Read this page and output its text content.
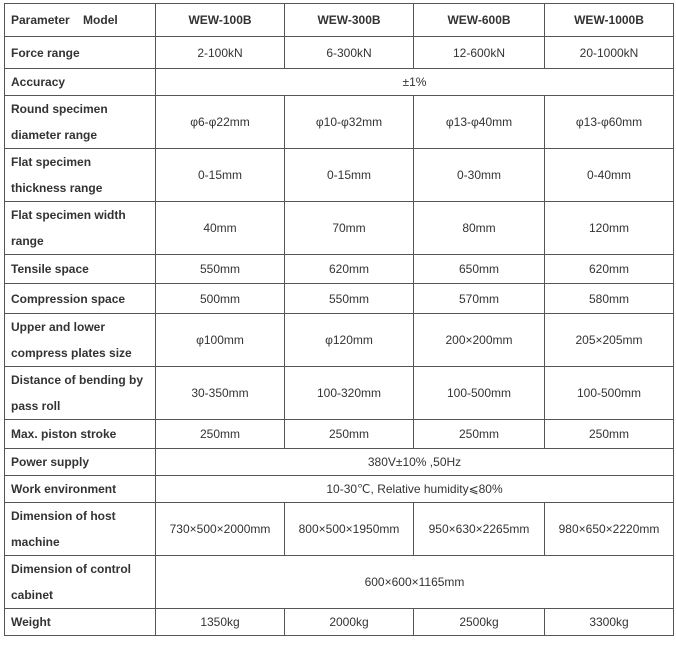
Parameter    Model	WEW-100B	WEW-300B	WEW-600B	WEW-1000B
Force range	2-100kN	6-300kN	12-600kN	20-1000kN
Accuracy	±1%			
Round specimen diameter range	φ6-φ22mm	φ10-φ32mm	φ13-φ40mm	φ13-φ60mm
Flat specimen thickness range	0-15mm	0-15mm	0-30mm	0-40mm
Flat specimen width range	40mm	70mm	80mm	120mm
Tensile space	550mm	620mm	650mm	620mm
Compression space	500mm	550mm	570mm	580mm
Upper and lower compress plates size	φ100mm	φ120mm	200×200mm	205×205mm
Distance of bending by pass roll	30-350mm	100-320mm	100-500mm	100-500mm
Max. piston stroke	250mm	250mm	250mm	250mm
Power supply	380V±10% ,50Hz			
Work environment	10-30℃, Relative humidity⩽80%			
Dimension of host machine	730×500×2000mm	800×500×1950mm	950×630×2265mm	980×650×2220mm
Dimension of control cabinet	600×600×1165mm			
Weight	1350kg	2000kg	2500kg	3300kg
